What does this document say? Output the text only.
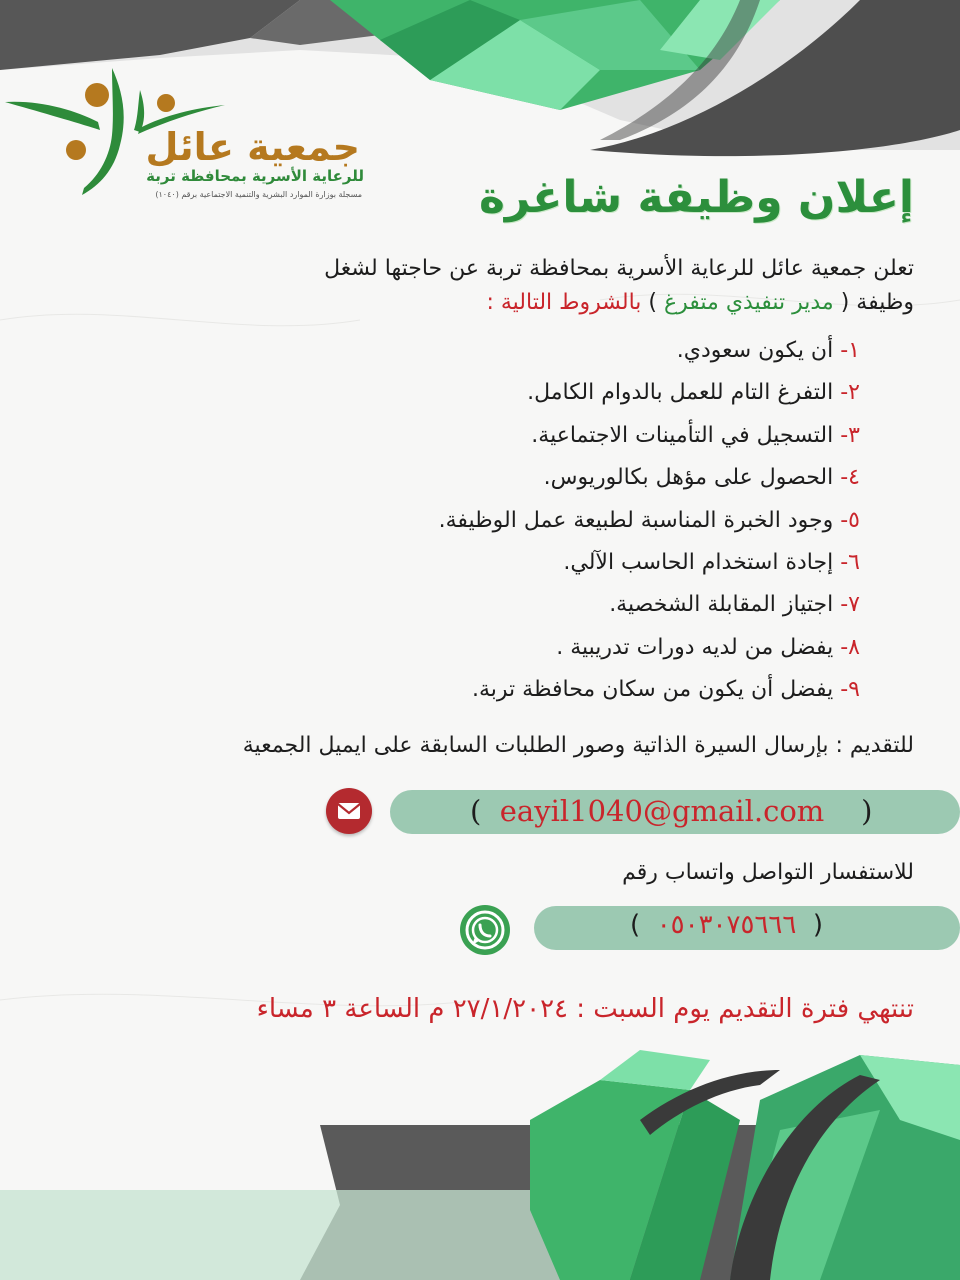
جمعية عائل
للرعاية الأسرية بمحافظة تربة
مسجلة بوزارة الموارد البشرية والتنمية الاجتماعية برقم (١٠٤٠)	إعلان وظيفة شاغرة
تعلن جمعية عائل للرعاية الأسرية بمحافظة تربة عن حاجتها لشغل
وظيفة ( مدير تنفيذي متفرغ ) بالشروط التالية :
١- أن يكون سعودي.
٢- التفرغ التام للعمل بالدوام الكامل.
٣- التسجيل في التأمينات الاجتماعية.
٤- الحصول على مؤهل بكالوريوس.
٥- وجود الخبرة المناسبة لطبيعة عمل الوظيفة.
٦- إجادة استخدام الحاسب الآلي.
٧- اجتياز المقابلة الشخصية.
٨- يفضل من لديه دورات تدريبية .
٩- يفضل أن يكون من سكان محافظة تربة.
للتقديم : بإرسال السيرة الذاتية وصور الطلبات السابقة على ايميل الجمعية
( eayil1040@gmail.com )
للاستفسار التواصل واتساب رقم
(  ٠٥٠٣٠٧٥٦٦٦  )
تنتهي فترة التقديم يوم السبت : ٢٧/١/٢٠٢٤ م الساعة ٣ مساء
